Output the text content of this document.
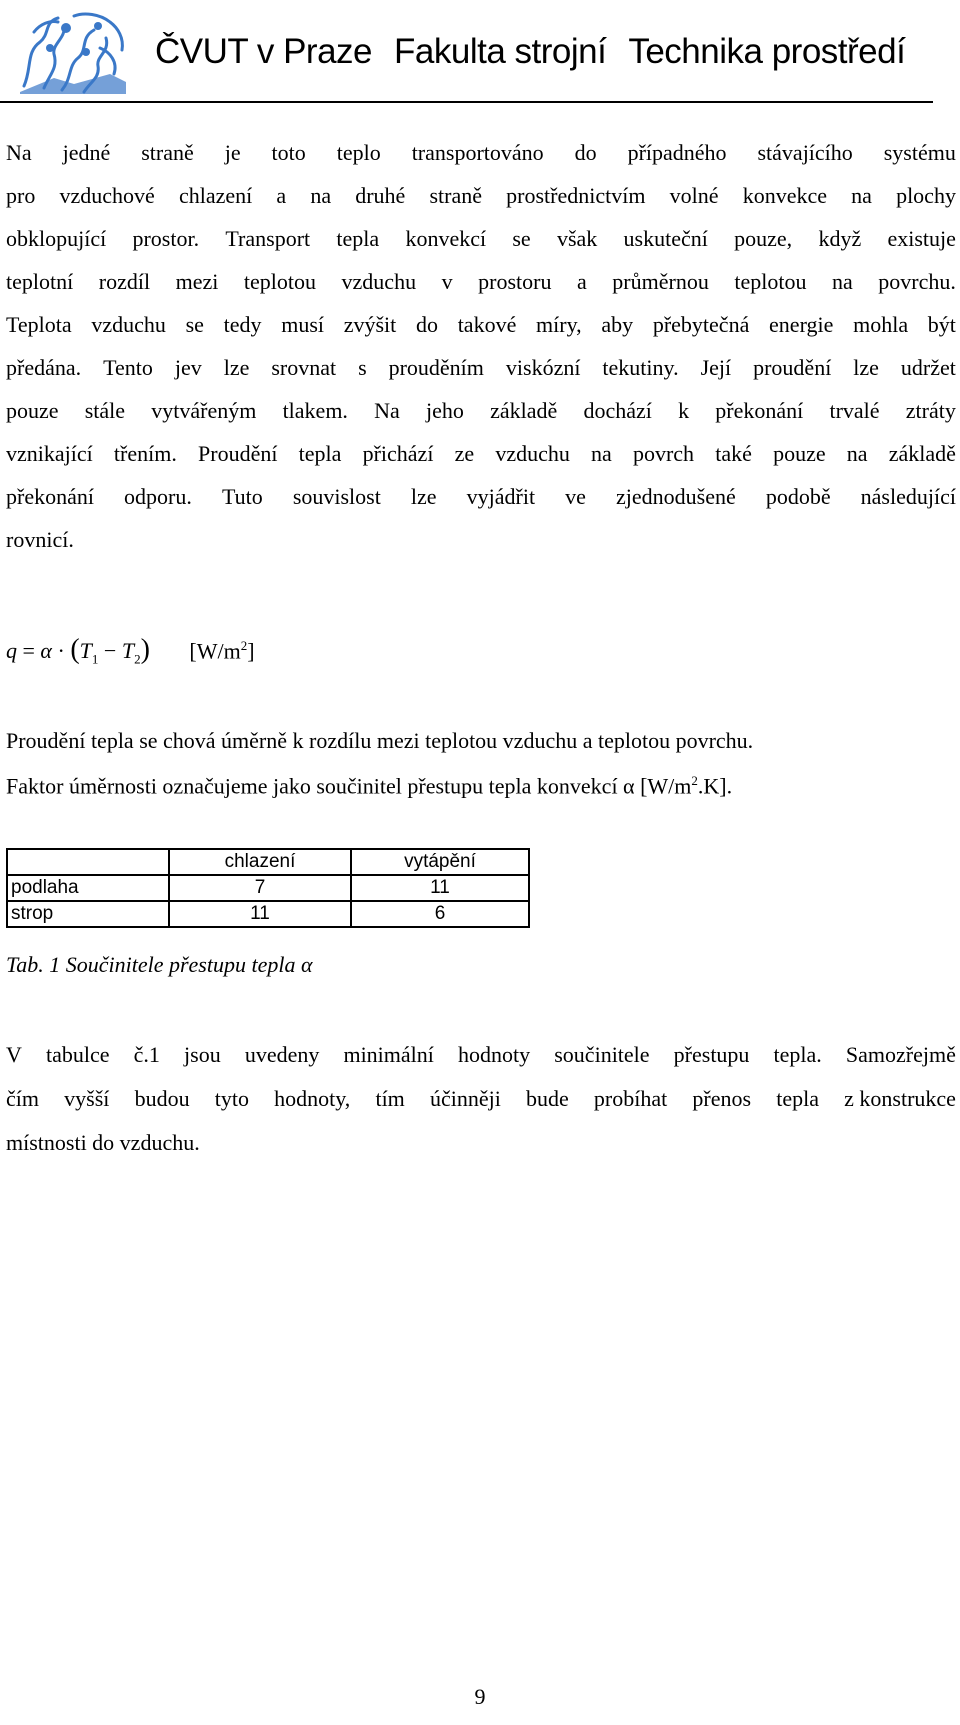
ČVUT v Praze Fakulta strojní Technika prostředí
Na jedné straně je toto teplo transportováno do případného stávajícího systému
pro vzduchové chlazení a na druhé straně prostřednictvím volné konvekce na plochy
obklopující prostor. Transport tepla konvekcí se však uskuteční pouze, když existuje
teplotní rozdíl mezi teplotou vzduchu v prostoru a průměrnou teplotou na povrchu.
Teplota vzduchu se tedy musí zvýšit do takové míry, aby přebytečná energie mohla být
předána. Tento jev lze srovnat s prouděním viskózní tekutiny. Její proudění lze udržet
pouze stále vytvářeným tlakem. Na jeho základě dochází k překonání trvalé ztráty
vznikající třením. Proudění tepla přichází ze vzduchu na povrch také pouze na základě
překonání odporu. Tuto souvislost lze vyjádřit ve zjednodušené podobě následující
rovnicí.
$q = \alpha \cdot (T_1 - T_2)$ $[W/m^2]$
Proudění tepla se chová úměrně k rozdílu mezi teplotou vzduchu a teplotou povrchu.
Faktor úměrnosti označujeme jako součinitel přestupu tepla konvekcí α $[W/m^2.K]$.
	chlazení	vytápění
podlaha	7	11
strop	11	6
Tab. 1 Součinitele přestupu tepla α
V tabulce č.1 jsou uvedeny minimální hodnoty součinitele přestupu tepla. Samozřejmě
čím vyšší budou tyto hodnoty, tím účinněji bude probíhat přenos tepla z konstrukce
místnosti do vzduchu.
9
